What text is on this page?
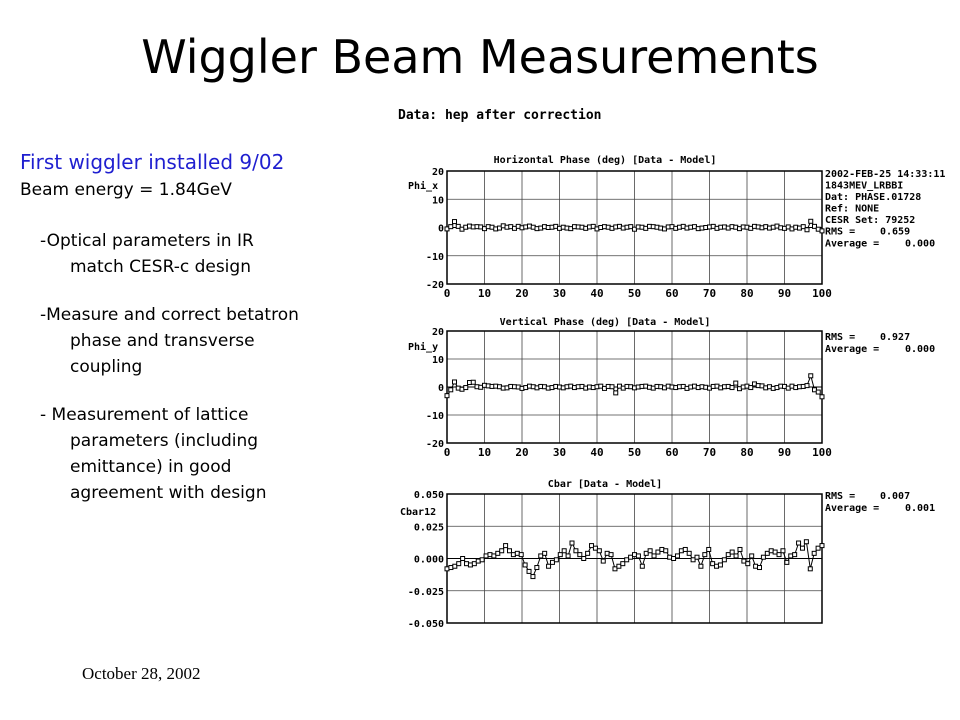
Wiggler Beam Measurements
Data: hep after correction
First wiggler installed 9/02
Beam energy = 1.84GeV
-Optical parameters in IR
match CESR-c design
-Measure and correct betatron
phase and transverse
coupling
- Measurement of lattice
parameters (including
emittance) in good
agreement with design
October 28, 2002
20
10
0
-10
-20
0	10 20 30 40 50 60 70 80 90 100
Horizontal Phase (deg) [Data - Model]
Phi_x
2002-FEB-25 14:33:11
1843MEV_LRBBI
Dat: PHASE.01728
Ref: NONE
CESR Set: 79252
RMS = 0.659
Average =	0.000
20
10
0
-10
-20
0	10 20 30 40 50 60 70 80 90 100
Vertical Phase (deg) [Data - Model]
Phi_y
RMS = 0.927
Average =	0.000
0.050
0.025
0.000
-0.025
-0.050
Cbar [Data - Model]
Cbar12
RMS = 0.007
Average =	0.001
